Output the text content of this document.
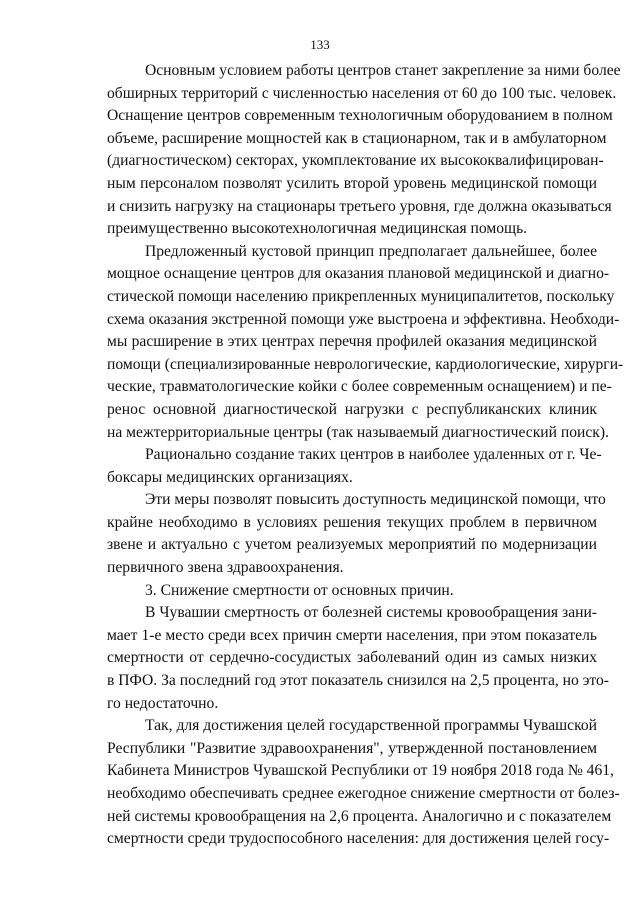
133
Основным условием работы центров станет закрепление за ними более
обширных территорий с численностью населения от 60 до 100 тыс. человек.
Оснащение центров современным технологичным оборудованием в полном
объеме, расширение мощностей как в стационарном, так и в амбулаторном
(диагностическом) секторах, укомплектование их высококвалифицирован-
ным персоналом позволят усилить второй уровень медицинской помощи
и снизить нагрузку на стационары третьего уровня, где должна оказываться
преимущественно высокотехнологичная медицинская помощь.
Предложенный кустовой принцип предполагает дальнейшее, более
мощное оснащение центров для оказания плановой медицинской и диагно-
стической помощи населению прикрепленных муниципалитетов, поскольку
схема оказания экстренной помощи уже выстроена и эффективна. Необходи-
мы расширение в этих центрах перечня профилей оказания медицинской
помощи (специализированные неврологические, кардиологические, хирурги-
ческие, травматологические койки с более современным оснащением) и пе-
ренос основной диагностической нагрузки с республиканских клиник
на межтерриториальные центры (так называемый диагностический поиск).
Рационально создание таких центров в наиболее удаленных от г. Че-
боксары медицинских организациях.
Эти меры позволят повысить доступность медицинской помощи, что
крайне необходимо в условиях решения текущих проблем в первичном
звене и актуально с учетом реализуемых мероприятий по модернизации
первичного звена здравоохранения.
3. Снижение смертности от основных причин.
В Чувашии смертность от болезней системы кровообращения зани-
мает 1-е место среди всех причин смерти населения, при этом показатель
смертности от сердечно-сосудистых заболеваний один из самых низких
в ПФО. За последний год этот показатель снизился на 2,5 процента, но это-
го недостаточно.
Так, для достижения целей государственной программы Чувашской
Республики "Развитие здравоохранения", утвержденной постановлением
Кабинета Министров Чувашской Республики от 19 ноября 2018 года № 461,
необходимо обеспечивать среднее ежегодное снижение смертности от болез-
ней системы кровообращения на 2,6 процента. Аналогично и с показателем
смертности среди трудоспособного населения: для достижения целей госу-
